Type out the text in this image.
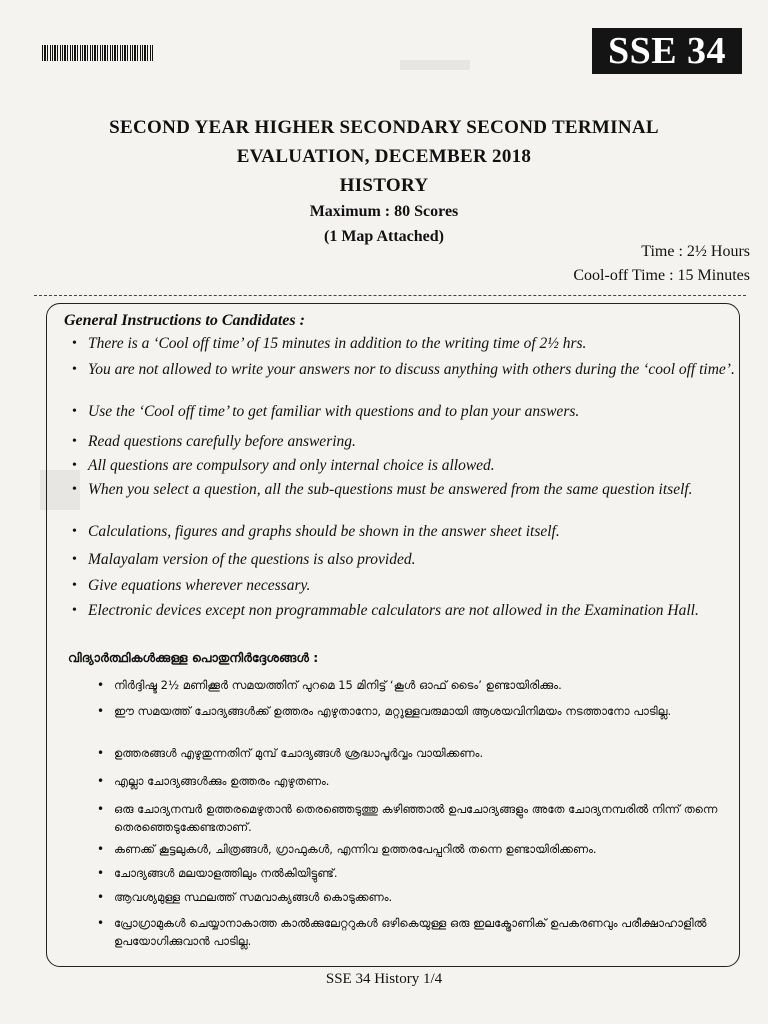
SSE 34
SECOND YEAR HIGHER SECONDARY SECOND TERMINAL
EVALUATION, DECEMBER 2018
HISTORY
Maximum : 80 Scores
(1 Map Attached)
Time : 2½ Hours
Cool-off Time : 15 Minutes
General Instructions to Candidates :
• There is a ‘Cool off time’ of 15 minutes in addition to the writing time of 2½ hrs.
• You are not allowed to write your answers nor to discuss anything with others during the ‘cool off time’.
• Use the ‘Cool off time’ to get familiar with questions and to plan your answers.
• Read questions carefully before answering.
• All questions are compulsory and only internal choice is allowed.
• When you select a question, all the sub-questions must be answered from the same question itself.
• Calculations, figures and graphs should be shown in the answer sheet itself.
• Malayalam version of the questions is also provided.
• Give equations wherever necessary.
• Electronic devices except non programmable calculators are not allowed in the Examination Hall.
വിദ്യാർത്ഥികൾക്കുള്ള പൊതുനിർദ്ദേശങ്ങൾ :
• നിർദ്ദിഷ്ട 2½ മണിക്കൂർ സമയത്തിന് പുറമെ 15 മിനിട്ട് ‘കൂൾ ഓഫ് ടൈം’ ഉണ്ടായിരിക്കും.
• ഈ സമയത്ത് ചോദ്യങ്ങൾക്ക് ഉത്തരം എഴുതാനോ, മറ്റുള്ളവരുമായി ആശയവിനിമയം നടത്താനോ പാടില്ല.
• ഉത്തരങ്ങൾ എഴുതുന്നതിന് മുമ്പ് ചോദ്യങ്ങൾ ശ്രദ്ധാപൂർവ്വം വായിക്കണം.
• എല്ലാ ചോദ്യങ്ങൾക്കും ഉത്തരം എഴുതണം.
• ഒരു ചോദ്യനമ്പർ ഉത്തരമെഴുതാൻ തെരഞ്ഞെടുത്തു കഴിഞ്ഞാൽ ഉപചോദ്യങ്ങളും അതേ ചോദ്യനമ്പരിൽ നിന്ന് തന്നെ തെരഞ്ഞെടുക്കേണ്ടതാണ്.
• കണക്ക് കൂട്ടലുകൾ, ചിത്രങ്ങൾ, ഗ്രാഫുകൾ, എന്നിവ ഉത്തരപേപ്പറിൽ തന്നെ ഉണ്ടായിരിക്കണം.
• ചോദ്യങ്ങൾ മലയാളത്തിലും നൽകിയിട്ടുണ്ട്.
• ആവശ്യമുള്ള സ്ഥലത്ത് സമവാക്യങ്ങൾ കൊടുക്കണം.
• പ്രോഗ്രാമുകൾ ചെയ്യാനാകാത്ത കാൽക്കുലേറ്ററുകൾ ഒഴികെയുള്ള ഒരു ഇലക്ട്രോണിക് ഉപകരണവും പരീക്ഷാഹാളിൽ ഉപയോഗിക്കുവാൻ പാടില്ല.
SSE 34 History 1/4
